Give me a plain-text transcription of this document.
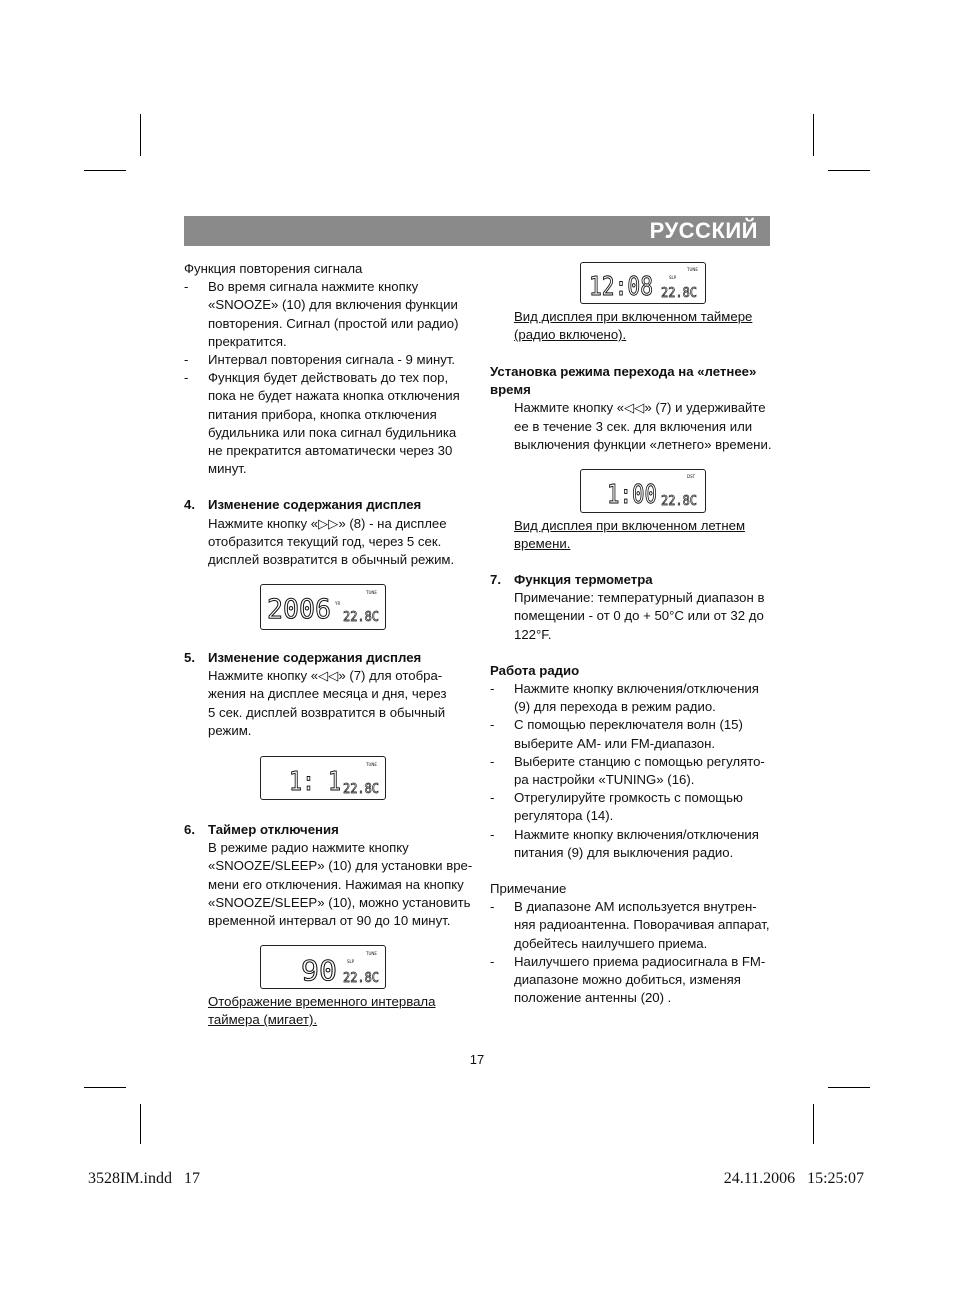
РУССКИЙ

Функция повторения сигнала

- Во время сигнала нажмите кнопку

«SNOOZE» (10) для включения функции

повторения. Сигнал (простой или радио)

прекратится.

- Интервал повторения сигнала - 9 минут.

- Функция будет действовать до тех пор,

пока не будет нажата кнопка отключения

питания прибора, кнопка отключения

будильника или пока сигнал будильника

не прекратится автоматически через 30

минут.

4. Изменение содержания дисплея

Нажмите кнопку «▷▷» (8) - на дисплее

отобразится текущий год, через 5 сек.

дисплей возвратится в обычный режим.

5. Изменение содержания дисплея

Нажмите кнопку «◁◁» (7) для отобра-

жения на дисплее месяца и дня, через

5 сек. дисплей возвратится в обычный

режим.

6. Таймер отключения

В режиме радио нажмите кнопку

«SNOOZE/SLEEP» (10) для установки вре-

мени его отключения. Нажимая на кнопку

«SNOOZE/SLEEP» (10), можно установить

временной интервал от 90 до 10 минут.

Отображение временного интервала

таймера (мигает).

Вид дисплея при включенном таймере

(радио включено).

Установка режима перехода на «летнее»

время

Нажмите кнопку «◁◁» (7) и удерживайте

ее в течение 3 сек. для включения или

выключения функции «летнего» времени.

Вид дисплея при включенном летнем

времени.

7. Функция термометра

Примечание: температурный диапазон в

помещении - от 0 до + 50°C или от 32 до

122°F.

Работа радио

- Нажмите кнопку включения/отключения

(9) для перехода в режим радио.

- С помощью переключателя волн (15)

выберите AM- или FM-диапазон.

- Выберите станцию с помощью регулято-

ра настройки «TUNING» (16).

- Отрегулируйте громкость с помощью

регулятора (14).

- Нажмите кнопку включения/отключения

питания (9) для выключения радио.

Примечание

- В диапазоне AM используется внутрен-

няя радиоантенна. Поворачивая аппарат,

добейтесь наилучшего приема.

- Наилучшего приема радиосигнала в FM-

диапазоне можно добиться, изменяя

положение антенны (20) .

2006 YR
TUNE
22.8C
1: 1
TUNE
22.8C
90	SLP
TUNE
22.8C
12:08	SLP
TUNE
22.8C
1:00
DST
22.8C
17
3528IM.indd   17	24.11.2006   15:25:07
